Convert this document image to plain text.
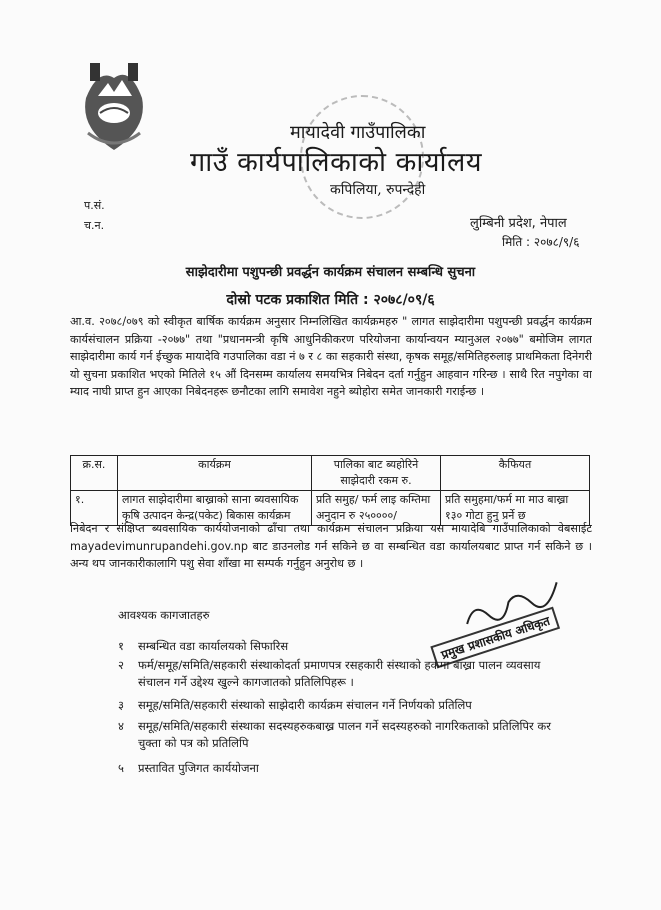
मायादेवी गाउँपालिका
गाउँ कार्यपालिकाको कार्यालय
कपिलिया, रुपन्देही
प.सं.
च.न.	लुम्बिनी प्रदेश, नेपाल
मिति : २०७८/९/६
साझेदारीमा पशुपन्छी प्रवर्द्धन कार्यक्रम संचालन सम्बन्धि सुचना
दोस्रो पटक प्रकाशित मिति : २०७८/०९/६
आ.व. २०७८/०७९ को स्वीकृत बार्षिक कार्यक्रम अनुसार निम्नलिखित कार्यक्रमहरु " लागत साझेदारीमा पशुपन्छी प्रवर्द्धन कार्यक्रम कार्यसंचालन प्रक्रिया -२०७७" तथा "प्रधानमन्त्री कृषि आधुनिकीकरण परियोजना कार्यान्वयन म्यानुअल २०७७" बमोजिम लागत साझेदारीमा कार्य गर्न ईच्छुक मायादेवि गउपालिका वडा नं ७ र ८ का सहकारी संस्था, कृषक समूह/समितिहरुलाइ प्राथमिकता दिनेगरी यो सुचना प्रकाशित भएको मितिले १५ औं दिनसम्म कार्यालय समयभित्र निबेदन दर्ता गर्नुहुन आहवान गरिन्छ । साथै रित नपुगेका वा म्याद नाघी प्राप्त हुन आएका निबेदनहरू छनौटका लागि समावेश नहुने ब्योहोरा समेत जानकारी गराईन्छ ।
क्र.स.	कार्यक्रम	पालिका बाट ब्यहोरिने साझेदारी रकम रु.	कैफियत
१.	लागत साझेदारीमा बाख्राको साना ब्यवसायिक कृषि उत्पादन केन्द्र(पकेट) बिकास कार्यक्रम	प्रति समुह/ फर्म लाइ कम्तिमा अनुदान रु २५००००/	प्रति समुहमा/फर्म मा माउ बाख्रा १३० गोटा हुनु प्रर्ने छ
निबेदन र संक्षिप्त ब्यवसायिक कार्ययोजनाको ढाँचा तथा कार्यक्रम संचालन प्रक्रिया यस मायादेबि गाउँपालिकाको वेबसाईट mayadevimunrupandehi.gov.np बाट डाउनलोड गर्न सकिने छ वा सम्बन्धित वडा कार्यालयबाट प्राप्त गर्न सकिने छ । अन्य थप जानकारीकालागि पशु सेवा शाँखा मा सम्पर्क गर्नुहुन अनुरोध छ ।
प्रमुख प्रशासकीय अधिकृत
आवश्यक कागजातहरु
१ सम्बन्धित वडा कार्यालयको सिफारिस
२ फर्म/समूह/समिति/सहकारी संस्थाकोदर्ता प्रमाणपत्र रसहकारी संस्थाको हकमा बाख्रा पालन व्यवसाय संचालन गर्ने उद्देश्य खुल्ने कागजातको प्रतिलिपिहरू ।
३ समूह/समिति/सहकारी संस्थाको साझेदारी कार्यक्रम संचालन गर्ने निर्णयको प्रतिलिप
४ समूह/समिति/सहकारी संस्थाका सदस्यहरुकबाख्र पालन गर्ने सदस्यहरुको नागरिकताको प्रतिलिपिर कर चुक्ता को पत्र को प्रतिलिपि
५ प्रस्तावित पुजिगत कार्ययोजना
